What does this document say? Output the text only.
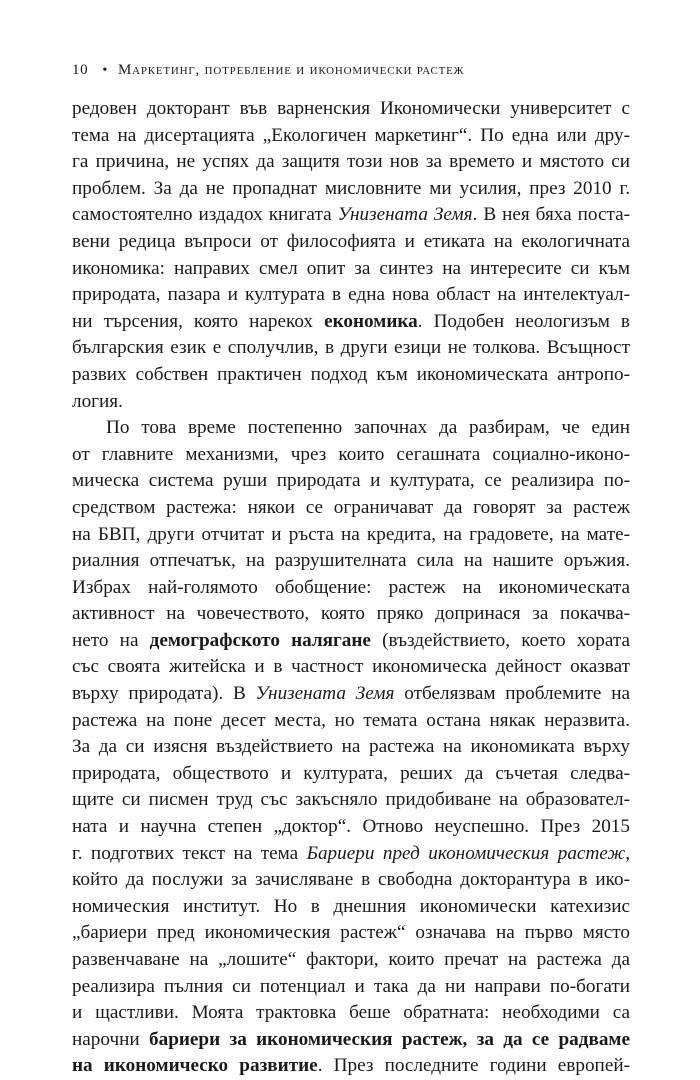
10 • Маркетинг, потребление и икономически растеж
редовен докторант във варненския Икономически университет с
тема на дисертацията „Екологичен маркетинг“. По една или дру-
га причина, не успях да защитя този нов за времето и мястото си
проблем. За да не пропаднат мисловните ми усилия, през 2010 г.
самостоятелно издадох книгата Унизената Земя. В нея бяха поста-
вени редица въпроси от философията и етиката на екологичната
икономика: направих смел опит за синтез на интересите си към
природата, пазара и културата в една нова област на интелектуал-
ни търсения, която нарекох економика. Подобен неологизъм в
българския език е сполучлив, в други езици не толкова. Всъщност
развих собствен практичен подход към икономическата антропо-
логия.
По това време постепенно започнах да разбирам, че един
от главните механизми, чрез които сегашната социално-иконо-
мическа система руши природата и културата, се реализира по-
средством растежа: някои се ограничават да говорят за растеж
на БВП, други отчитат и ръста на кредита, на градовете, на мате-
риалния отпечатък, на разрушителната сила на нашите оръжия.
Избрах най-голямото обобщение: растеж на икономическата
активност на човечеството, която пряко допринася за покачва-
нето на демографското налягане (въздействието, което хората
със своята житейска и в частност икономическа дейност оказват
върху природата). В Унизената Земя отбелязвам проблемите на
растежа на поне десет места, но темата остана някак неразвита.
За да си изясня въздействието на растежа на икономиката върху
природата, обществото и културата, реших да съчетая следва-
щите си писмен труд със закъсняло придобиване на образовател-
ната и научна степен „доктор“. Отново неуспешно. През 2015
г. подготвих текст на тема Бариери пред икономическия растеж,
който да послужи за зачисляване в свободна докторантура в ико-
номическия институт. Но в днешния икономически катехизис
„бариери пред икономическия растеж“ означава на първо място
развенчаване на „лошите“ фактори, които пречат на растежа да
реализира пълния си потенциал и така да ни направи по-богати
и щастливи. Моята трактовка беше обратната: необходими са
нарочни бариери за икономическия растеж, за да се радваме
на икономическо развитие. През последните години европей-
